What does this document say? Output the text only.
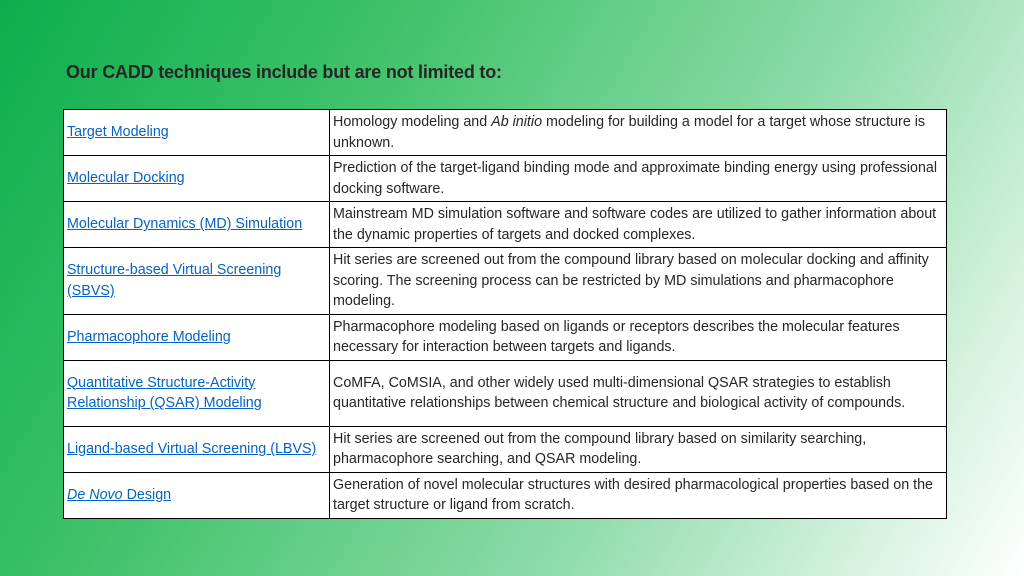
Our CADD techniques include but are not limited to:
Target Modeling	Homology modeling and Ab initio modeling for building a model for a target whose structure is unknown.
Molecular Docking	Prediction of the target-ligand binding mode and approximate binding energy using professional docking software.
Molecular Dynamics (MD) Simulation	Mainstream MD simulation software and software codes are utilized to gather information about the dynamic properties of targets and docked complexes.
Structure-based Virtual Screening (SBVS)	Hit series are screened out from the compound library based on molecular docking and affinity scoring. The screening process can be restricted by MD simulations and pharmacophore modeling.
Pharmacophore Modeling	Pharmacophore modeling based on ligands or receptors describes the molecular features necessary for interaction between targets and ligands.
Quantitative Structure-Activity Relationship (QSAR) Modeling	CoMFA, CoMSIA, and other widely used multi-dimensional QSAR strategies to establish quantitative relationships between chemical structure and biological activity of compounds.
Ligand-based Virtual Screening (LBVS)	Hit series are screened out from the compound library based on similarity searching, pharmacophore searching, and QSAR modeling.
De Novo Design	Generation of novel molecular structures with desired pharmacological properties based on the target structure or ligand from scratch.
